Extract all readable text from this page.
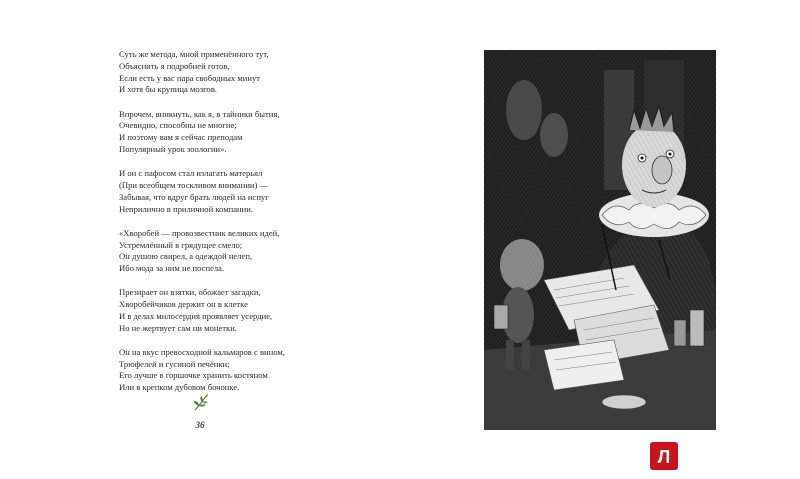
Суть же метода, мной применённого тут,
Объяснить я подробней готов,
Если есть у вас пара свободных минут
И хотя бы крупица мозгов.
Впрочем, вникнуть, как я, в тайники бытия,
Очевидно, способны не многие;
И поэтому вам я сейчас преподам
Популярный урок зоологии».
И он с пафосом стал излагать матерьял
(При всеобщем тоскливом внимании) —
Забывая, что вдруг брать людей на испуг
Неприлично в приличной компании.
«Хворобей — провозвестник великих идей,
Устремлённый в грядущее смело;
Он душою свирел, а одеждой нелеп,
Ибо мода за ним не поспела.
Презирает он взятки, обожает загадки,
Хворобейчиков держит он в клетке
И в делах милосердия проявляет усердие,
Но не жертвует сам ни монетки.
Он на вкус превосходной кальмаров с вином,
Трюфелей и гусиной печёнки;
Его лучше в горшочке хранить костяном
Или в крепком дубовом бочонке.
36
Л
